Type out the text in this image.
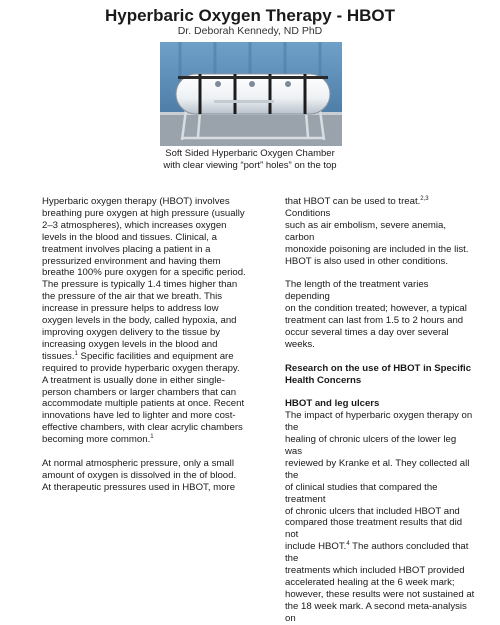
Hyperbaric Oxygen Therapy - HBOT
Dr. Deborah Kennedy, ND PhD
Soft Sided Hyperbaric Oxygen Chamber
with clear viewing “port” holes” on the top

Hyperbaric oxygen therapy (HBOT) involves
breathing pure oxygen at high pressure (usually
2–3 atmospheres), which increases oxygen
levels in the blood and tissues. Clinical, a
treatment involves placing a patient in a
pressurized environment and having them
breathe 100% pure oxygen for a specific period.
The pressure is typically 1.4 times higher than
the pressure of the air that we breath. This
increase in pressure helps to address low
oxygen levels in the body, called hypoxia, and
improving oxygen delivery to the tissue by
increasing oxygen levels in the blood and
tissues.$^1$ Specific facilities and equipment are
required to provide hyperbaric oxygen therapy.
A treatment is usually done in either single-
person chambers or larger chambers that can
accommodate multiple patients at once. Recent
innovations have led to lighter and more cost-
effective chambers, with clear acrylic chambers
becoming more common.$^1$

At normal atmospheric pressure, only a small
amount of oxygen is dissolved in the of blood.
At therapeutic pressures used in HBOT, more

that HBOT can be used to treat.$^{2,3}$ Conditions
such as air embolism, severe anemia, carbon
monoxide poisoning are included in the list.
HBOT is also used in other conditions.

The length of the treatment varies depending
on the condition treated; however, a typical
treatment can last from 1.5 to 2 hours and
occur several times a day over several weeks.

Research on the use of HBOT in Specific
Health Concerns

HBOT and leg ulcers

The impact of hyperbaric oxygen therapy on the
healing of chronic ulcers of the lower leg was
reviewed by Kranke et al. They collected all the
of clinical studies that compared the treatment
of chronic ulcers that included HBOT and
compared those treatment results that did not
include HBOT.$^4$ The authors concluded that the
treatments which included HBOT provided
accelerated healing at the 6 week mark;
however, these results were not sustained at
the 18 week mark. A second meta-analysis on
